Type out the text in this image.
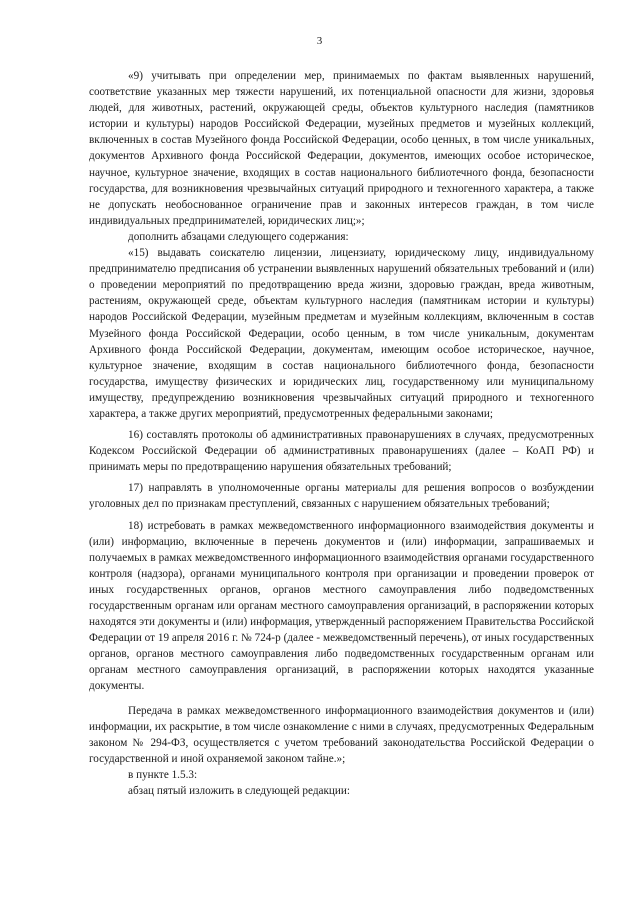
3

«9) учитывать при определении мер, принимаемых по фактам выявленных нарушений, соответствие указанных мер тяжести нарушений, их потенциальной опасности для жизни, здоровья людей, для животных, растений, окружающей среды, объектов культурного наследия (памятников истории и культуры) народов Российской Федерации, музейных предметов и музейных коллекций, включенных в состав Музейного фонда Российской Федерации, особо ценных, в том числе уникальных, документов Архивного фонда Российской Федерации, документов, имеющих особое историческое, научное, культурное значение, входящих в состав национального библиотечного фонда, безопасности государства, для возникновения чрезвычайных ситуаций природного и техногенного характера, а также не допускать необоснованное ограничение прав и законных интересов граждан, в том числе индивидуальных предпринимателей, юридических лиц;»;

дополнить абзацами следующего содержания:

«15) выдавать соискателю лицензии, лицензиату, юридическому лицу, индивидуальному предпринимателю предписания об устранении выявленных нарушений обязательных требований и (или) о проведении мероприятий по предотвращению вреда жизни, здоровью граждан, вреда животным, растениям, окружающей среде, объектам культурного наследия (памятникам истории и культуры) народов Российской Федерации, музейным предметам и музейным коллекциям, включенным в состав Музейного фонда Российской Федерации, особо ценным, в том числе уникальным, документам Архивного фонда Российской Федерации, документам, имеющим особое историческое, научное, культурное значение, входящим в состав национального библиотечного фонда, безопасности государства, имуществу физических и юридических лиц, государственному или муниципальному имуществу, предупреждению возникновения чрезвычайных ситуаций природного и техногенного характера, а также других мероприятий, предусмотренных федеральными законами;

16) составлять протоколы об административных правонарушениях в случаях, предусмотренных Кодексом Российской Федерации об административных правонарушениях (далее – КоАП РФ) и принимать меры по предотвращению нарушения обязательных требований;

17) направлять в уполномоченные органы материалы для решения вопросов о возбуждении уголовных дел по признакам преступлений, связанных с нарушением обязательных требований;

18) истребовать в рамках межведомственного информационного взаимодействия документы и (или) информацию, включенные в перечень документов и (или) информации, запрашиваемых и получаемых в рамках межведомственного информационного взаимодействия органами государственного контроля (надзора), органами муниципального контроля при организации и проведении проверок от иных государственных органов, органов местного самоуправления либо подведомственных государственным органам или органам местного самоуправления организаций, в распоряжении которых находятся эти документы и (или) информация, утвержденный распоряжением Правительства Российской Федерации от 19 апреля 2016 г. № 724-р (далее - межведомственный перечень), от иных государственных органов, органов местного самоуправления либо подведомственных государственным органам или органам местного самоуправления организаций, в распоряжении которых находятся указанные документы.

Передача в рамках межведомственного информационного взаимодействия документов и (или) информации, их раскрытие, в том числе ознакомление с ними в случаях, предусмотренных Федеральным законом № 294-ФЗ, осуществляется с учетом требований законодательства Российской Федерации о государственной и иной охраняемой законом тайне.»;

в пункте 1.5.3:

абзац пятый изложить в следующей редакции:
